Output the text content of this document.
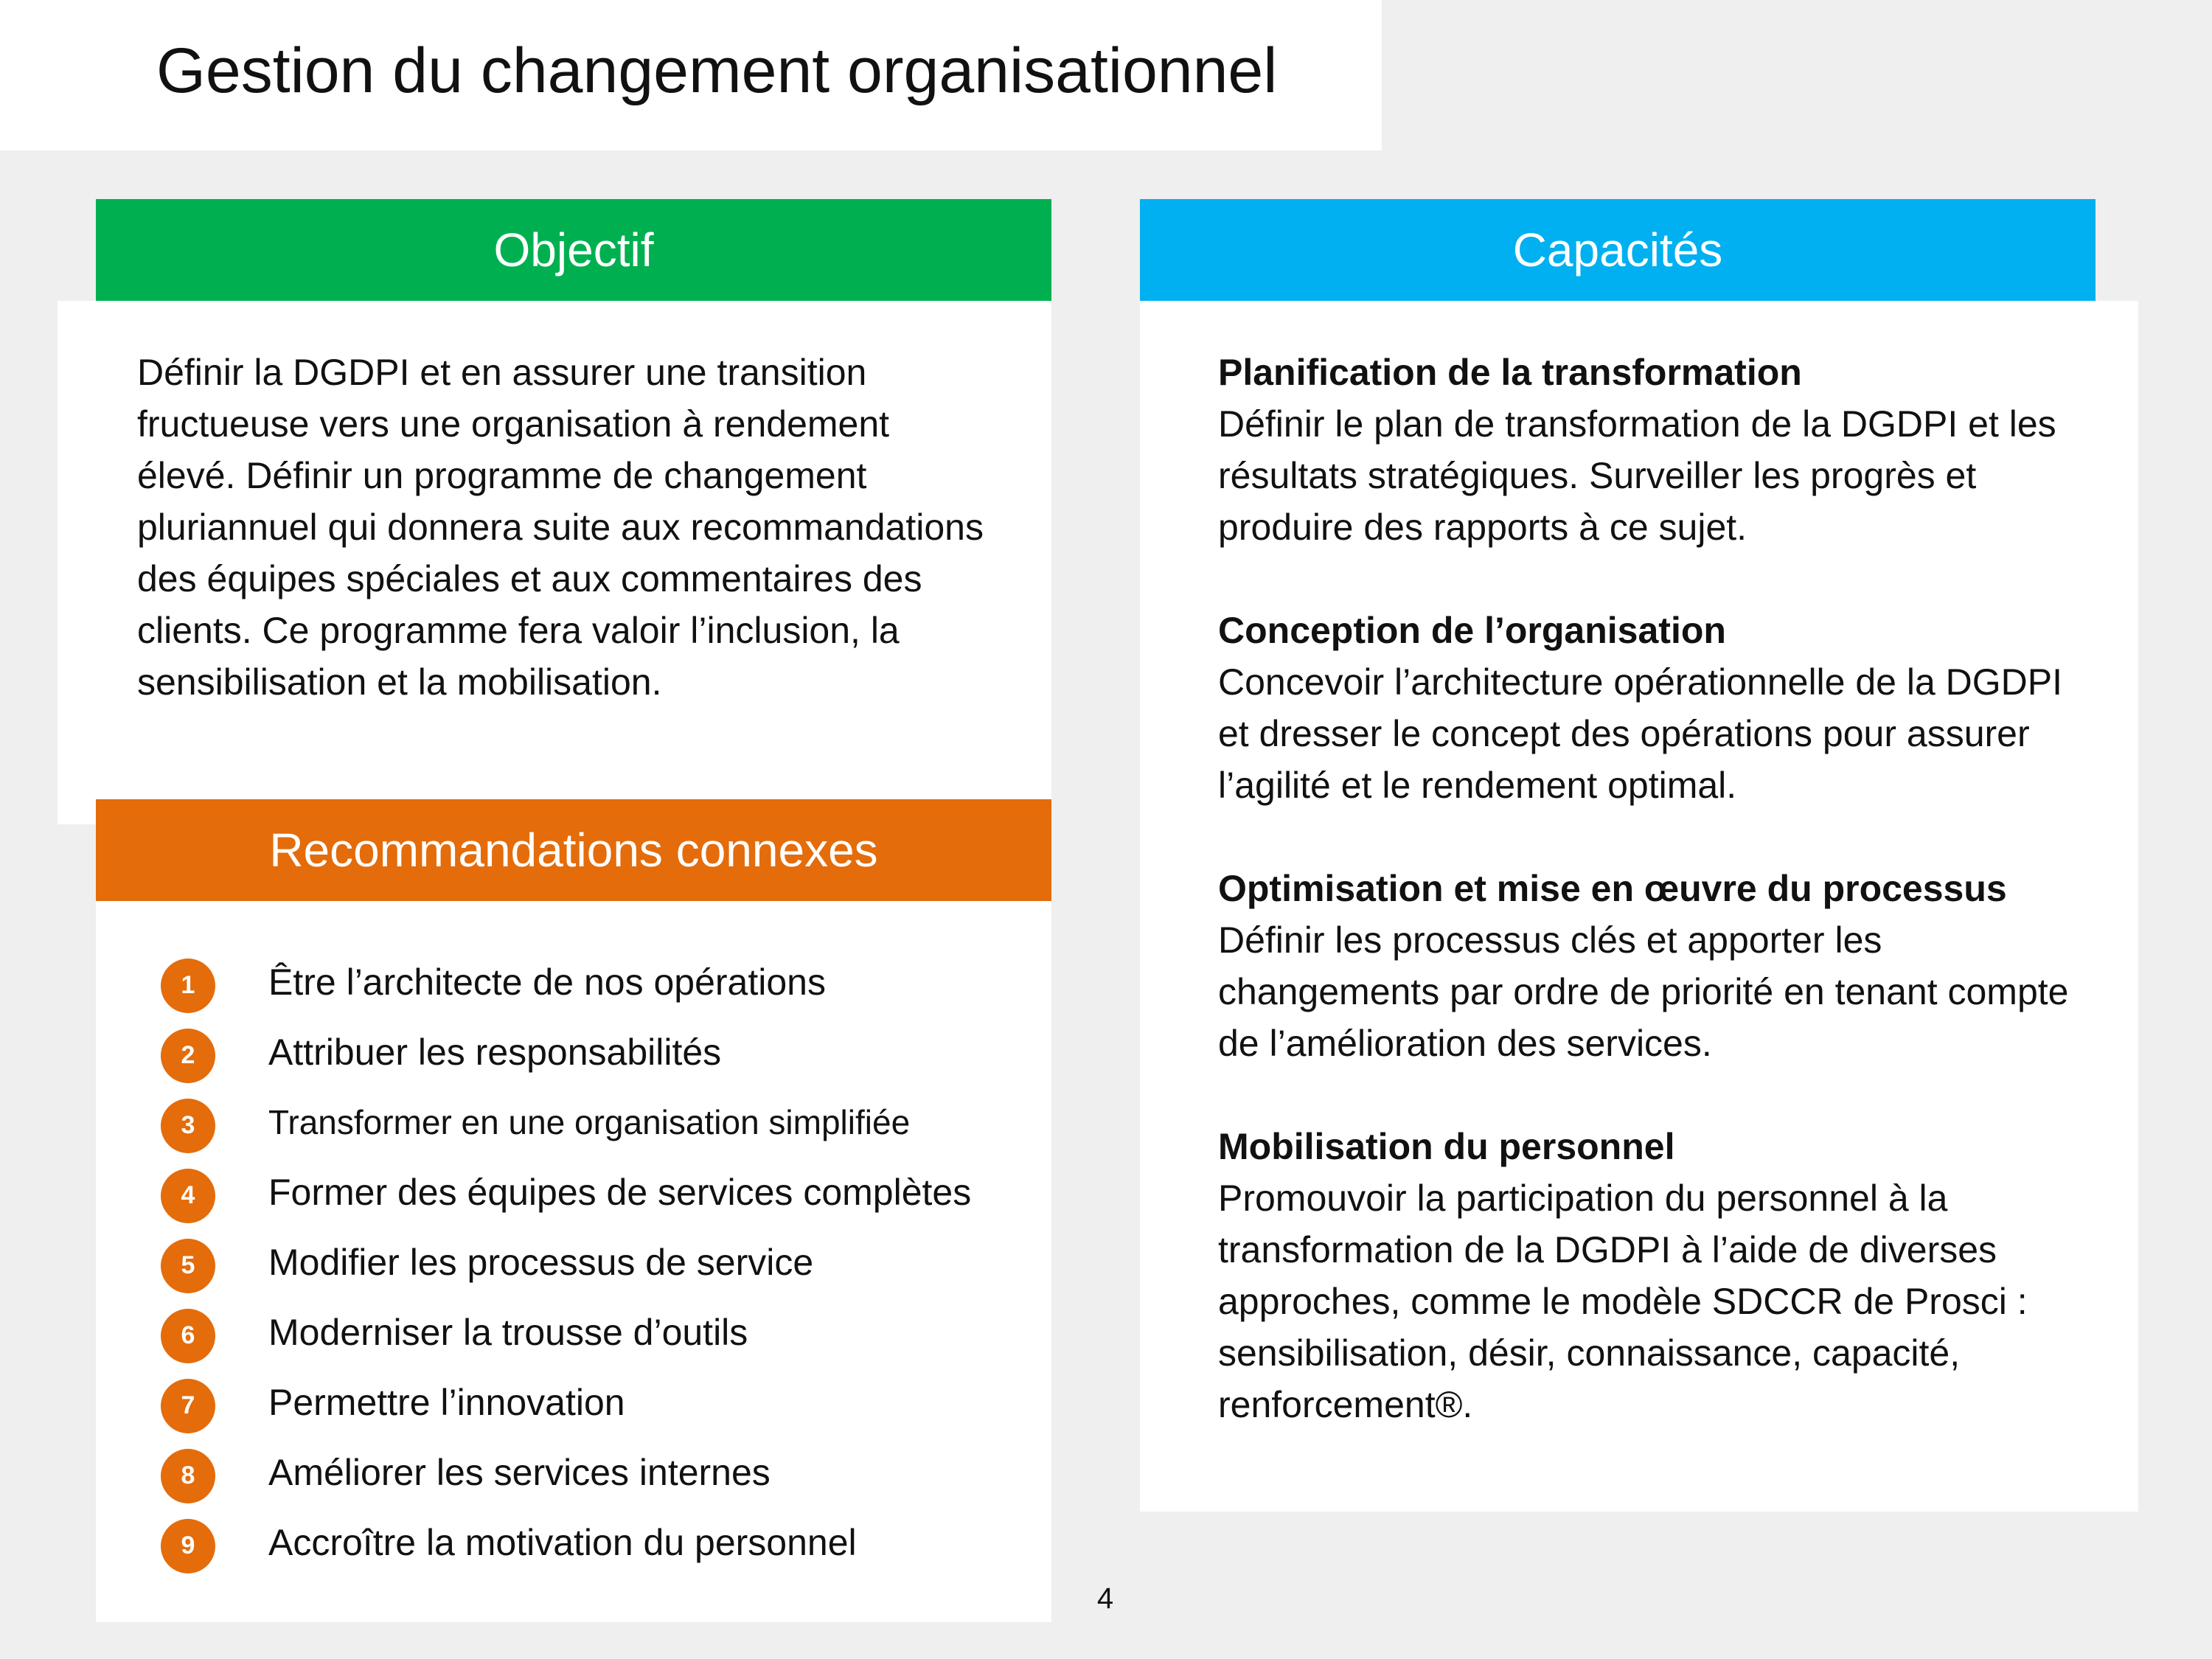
Gestion du changement organisationnel
Objectif
Définir la DGDPI et en assurer une transition fructueuse vers une organisation à rendement élevé. Définir un programme de changement pluriannuel qui donnera suite aux recommandations des équipes spéciales et aux commentaires des clients. Ce programme fera valoir l’inclusion, la sensibilisation et la mobilisation.
Recommandations connexes
1	Être l’architecte de nos opérations
2	Attribuer les responsabilités
3	Transformer en une organisation simplifiée
4	Former des équipes de services complètes
5	Modifier les processus de service
6	Moderniser la trousse d’outils
7	Permettre l’innovation
8	Améliorer les services internes
9	Accroître la motivation du personnel
Capacités
Planification de la transformation
Définir le plan de transformation de la DGDPI et les résultats stratégiques. Surveiller les progrès et produire des rapports à ce sujet.
Conception de l’organisation
Concevoir l’architecture opérationnelle de la DGDPI et dresser le concept des opérations pour assurer l’agilité et le rendement optimal.
Optimisation et mise en œuvre du processus
Définir les processus clés et apporter les changements par ordre de priorité en tenant compte de l’amélioration des services.
Mobilisation du personnel
Promouvoir la participation du personnel à la transformation de la DGDPI à l’aide de diverses approches, comme le modèle SDCCR de Prosci : sensibilisation, désir, connaissance, capacité, renforcement®.
4
